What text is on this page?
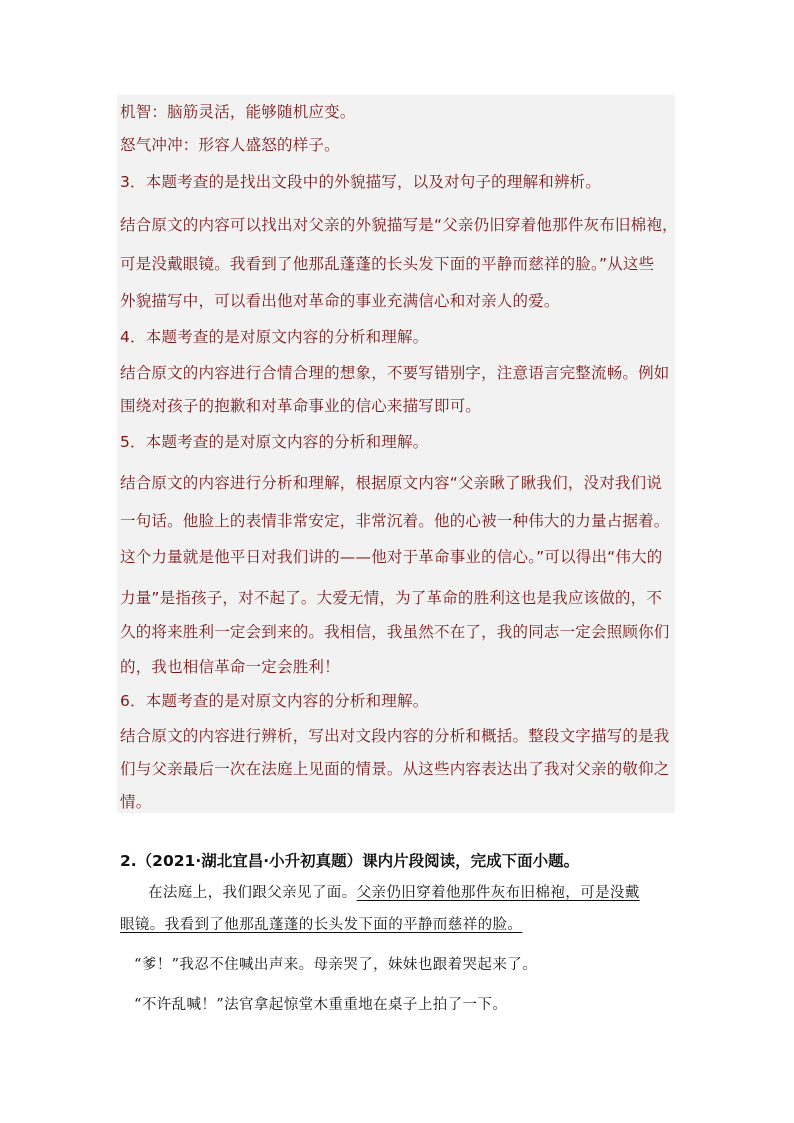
机智：脑筋灵活，能够随机应变。
怒气冲冲：形容人盛怒的样子。
3．本题考查的是找出文段中的外貌描写，以及对句子的理解和辨析。
结合原文的内容可以找出对父亲的外貌描写是“父亲仍旧穿着他那件灰布旧棉袍，
可是没戴眼镜。我看到了他那乱蓬蓬的长头发下面的平静而慈祥的脸。”从这些
外貌描写中，可以看出他对革命的事业充满信心和对亲人的爱。
4．本题考查的是对原文内容的分析和理解。
结合原文的内容进行合情合理的想象，不要写错别字，注意语言完整流畅。例如
围绕对孩子的抱歉和对革命事业的信心来描写即可。
5．本题考查的是对原文内容的分析和理解。
结合原文的内容进行分析和理解，根据原文内容“父亲瞅了瞅我们，没对我们说
一句话。他脸上的表情非常安定，非常沉着。他的心被一种伟大的力量占据着。
这个力量就是他平日对我们讲的——他对于革命事业的信心。”可以得出“伟大的
力量”是指孩子，对不起了。大爱无情，为了革命的胜利这也是我应该做的，不
久的将来胜利一定会到来的。我相信，我虽然不在了，我的同志一定会照顾你们
的，我也相信革命一定会胜利！
6．本题考查的是对原文内容的分析和理解。
结合原文的内容进行辨析，写出对文段内容的分析和概括。整段文字描写的是我
们与父亲最后一次在法庭上见面的情景。从这些内容表达出了我对父亲的敬仰之
情。
2.（2021·湖北宜昌·小升初真题）课内片段阅读，完成下面小题。
在法庭上，我们跟父亲见了面。父亲仍旧穿着他那件灰布旧棉袍，可是没戴
眼镜。我看到了他那乱蓬蓬的长头发下面的平静而慈祥的脸。
“爹！”我忍不住喊出声来。母亲哭了，妹妹也跟着哭起来了。
“不许乱喊！”法官拿起惊堂木重重地在桌子上拍了一下。
